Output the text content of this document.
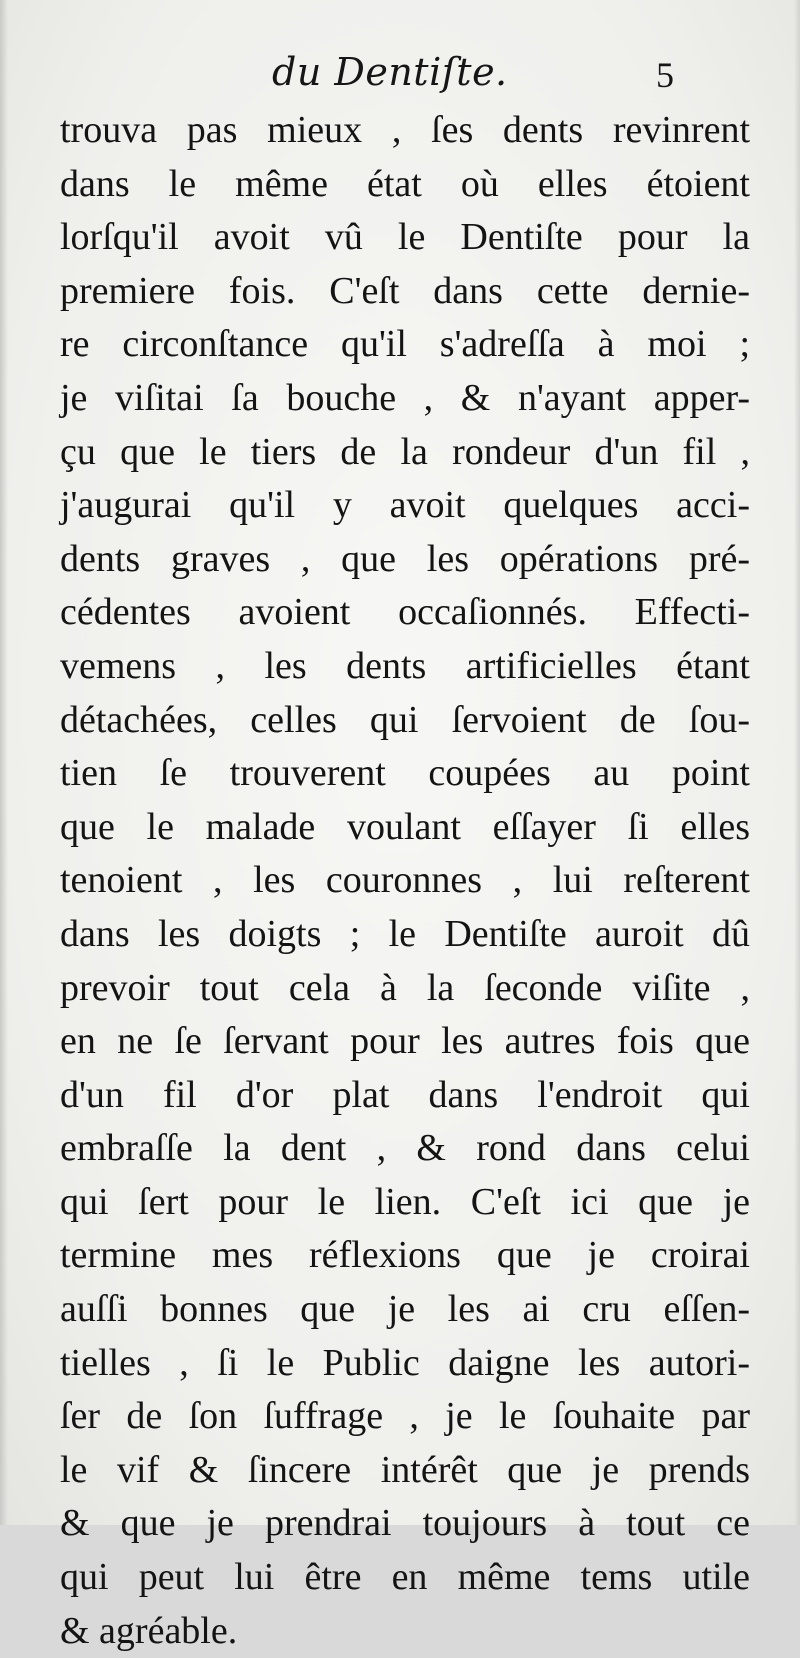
du Dentiſte.	5
trouva pas mieux , ſes dents revinrent
dans le même état où elles étoient
lorſqu'il avoit vû le Dentiſte pour la
premiere fois. C'eſt dans cette dernie-
re circonſtance qu'il s'adreſſa à moi ;
je viſitai ſa bouche , & n'ayant apper-
çu que le tiers de la rondeur d'un fil ,
j'augurai qu'il y avoit quelques acci-
dents graves , que les opérations pré-
cédentes avoient occaſionnés. Effecti-
vemens , les dents artificielles étant
détachées, celles qui ſervoient de ſou-
tien ſe trouverent coupées au point
que le malade voulant eſſayer ſi elles
tenoient , les couronnes , lui reſterent
dans les doigts ; le Dentiſte auroit dû
prevoir tout cela à la ſeconde viſite ,
en ne ſe ſervant pour les autres fois que
d'un fil d'or plat dans l'endroit qui
embraſſe la dent , & rond dans celui
qui ſert pour le lien. C'eſt ici que je
termine mes réflexions que je croirai
auſſi bonnes que je les ai cru eſſen-
tielles , ſi le Public daigne les autori-
ſer de ſon ſuffrage , je le ſouhaite par
le vif & ſincere intérêt que je prends
& que je prendrai toujours à tout ce
qui peut lui être en même tems utile
& agréable.
